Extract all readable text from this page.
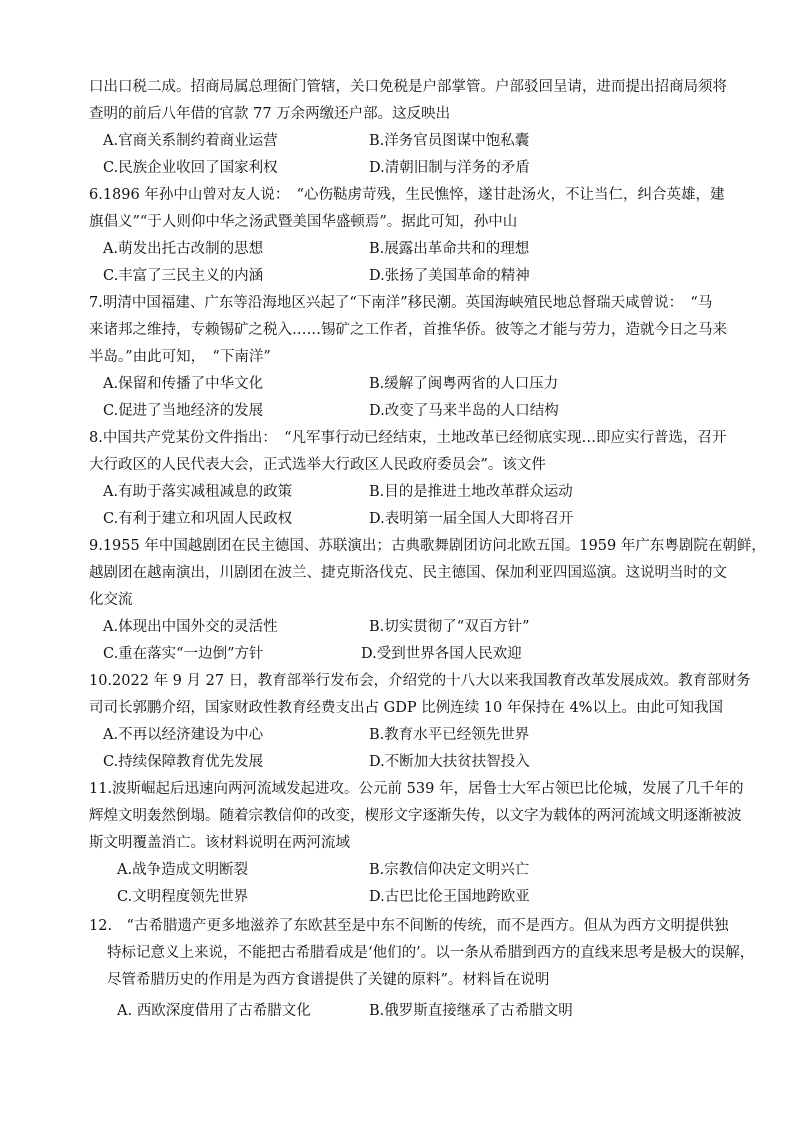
口出口税二成。招商局属总理衙门管辖，关口免税是户部掌管。户部驳回呈请，进而提出招商局须将
查明的前后八年借的官款 77 万余两缴还户部。这反映出
A.官商关系制约着商业运营	B.洋务官员图谋中饱私囊
C.民族企业收回了国家利权	D.清朝旧制与洋务的矛盾
6.1896 年孙中山曾对友人说：　“心伤鞑虏苛残，生民憔悴，遂甘赴汤火，不让当仁，纠合英雄，建
旗倡义”“于人则仰中华之汤武暨美国华盛顿焉”。据此可知，孙中山
A.萌发出托古改制的思想	B.展露出革命共和的理想
C.丰富了三民主义的内涵	D.张扬了美国革命的精神
7.明清中国福建、广东等沿海地区兴起了“下南洋”移民潮。英国海峡殖民地总督瑞天咸曾说：　“马
来诸邦之维持，专赖锡矿之税入……锡矿之工作者，首推华侨。彼等之才能与劳力，造就今日之马来
半岛。”由此可知，　“下南洋”
A.保留和传播了中华文化	B.缓解了闽粤两省的人口压力
C.促进了当地经济的发展	D.改变了马来半岛的人口结构
8.中国共产党某份文件指出：　“凡军事行动已经结束，土地改革已经彻底实现…即应实行普选，召开
大行政区的人民代表大会，正式选举大行政区人民政府委员会”。该文件
A.有助于落实减租减息的政策	B.目的是推进土地改革群众运动
C.有利于建立和巩固人民政权	D.表明第一届全国人大即将召开
9.1955 年中国越剧团在民主德国、苏联演出；古典歌舞剧团访问北欧五国。1959 年广东粤剧院在朝鲜，
越剧团在越南演出，川剧团在波兰、捷克斯洛伐克、民主德国、保加利亚四国巡演。这说明当时的文
化交流
A.体现出中国外交的灵活性	B.切实贯彻了“双百方针”
C.重在落实“一边倒”方针	D.受到世界各国人民欢迎
10.2022 年 9 月 27 日，教育部举行发布会，介绍党的十八大以来我国教育改革发展成效。教育部财务
司司长郭鹏介绍，国家财政性教育经费支出占 GDP 比例连续 10 年保持在 4%以上。由此可知我国
A.不再以经济建设为中心	B.教育水平已经领先世界
C.持续保障教育优先发展	D.不断加大扶贫扶智投入
11.波斯崛起后迅速向两河流域发起进攻。公元前 539 年，居鲁士大军占领巴比伦城，发展了几千年的
辉煌文明轰然倒塌。随着宗教信仰的改变，楔形文字逐渐失传，以文字为载体的两河流域文明逐渐被波
斯文明覆盖消亡。该材料说明在两河流域
A.战争造成文明断裂	B.宗教信仰决定文明兴亡
C.文明程度领先世界	D.古巴比伦王国地跨欧亚
12.　“古希腊遗产更多地滋养了东欧甚至是中东不间断的传统，而不是西方。但从为西方文明提供独
特标记意义上来说，不能把古希腊看成是‘他们的’。以一条从希腊到西方的直线来思考是极大的误解，
尽管希腊历史的作用是为西方食谱提供了关键的原料”。材料旨在说明
A. 西欧深度借用了古希腊文化	B.俄罗斯直接继承了古希腊文明
